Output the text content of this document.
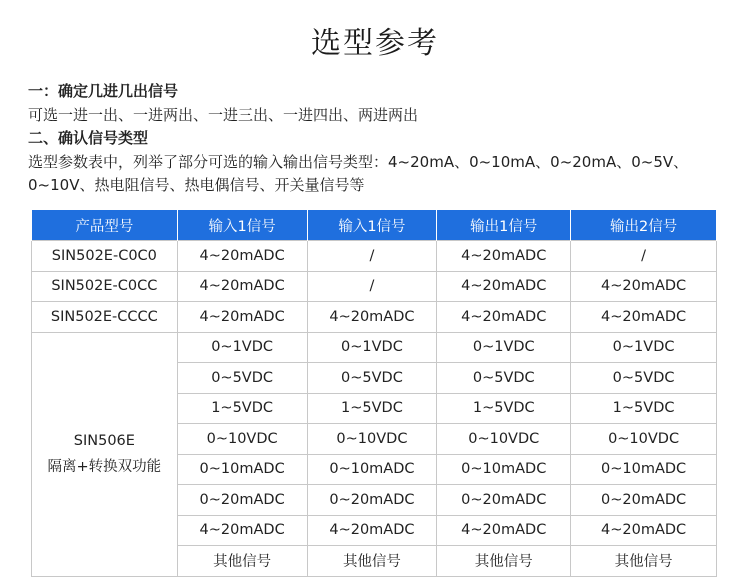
选型参考
一：确定几进几出信号
可选一进一出、一进两出、一进三出、一进四出、两进两出
二、确认信号类型
选型参数表中，列举了部分可选的输入输出信号类型：4~20mA、0~10mA、0~20mA、0~5V、
0~10V、热电阻信号、热电偶信号、开关量信号等
产品型号	输入1信号	输入1信号	输出1信号	输出2信号
SIN502E-C0C0	4~20mADC	/	4~20mADC	/
SIN502E-C0CC	4~20mADC	/	4~20mADC	4~20mADC
SIN502E-CCCC	4~20mADC	4~20mADC	4~20mADC	4~20mADC

SIN506E
隔离+转换双功能	0~1VDC	0~1VDC	0~1VDC	0~1VDC
	0~5VDC	0~5VDC	0~5VDC	0~5VDC
	1~5VDC	1~5VDC	1~5VDC	1~5VDC
	0~10VDC	0~10VDC	0~10VDC	0~10VDC
	0~10mADC	0~10mADC	0~10mADC	0~10mADC
	0~20mADC	0~20mADC	0~20mADC	0~20mADC
	4~20mADC	4~20mADC	4~20mADC	4~20mADC
	其他信号	其他信号	其他信号	其他信号
